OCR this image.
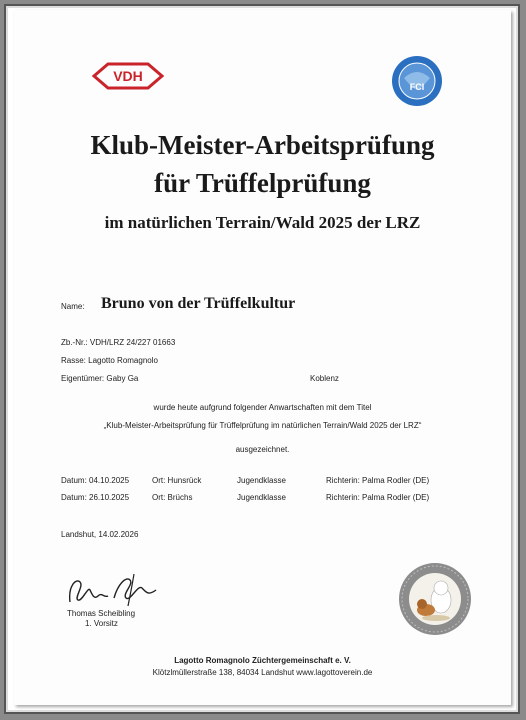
VDH
FCI
Klub-Meister-Arbeitsprüfung
für Trüffelprüfung
im natürlichen Terrain/Wald 2025 der LRZ
Name: Bruno von der Trüffelkultur
Zb.-Nr.: VDH/LRZ 24/227 01663
Rasse: Lagotto Romagnolo
Eigentümer: Gaby Ga	Koblenz
wurde heute aufgrund folgender Anwartschaften mit dem Titel
„Klub-Meister-Arbeitsprüfung für Trüffelprüfung im natürlichen Terrain/Wald 2025 der LRZ“
ausgezeichnet.
Datum: 04.10.2025	Ort: Hunsrück	Jugendklasse	Richterin: Palma Rodler (DE)
Datum: 26.10.2025	Ort: Brüchs	Jugendklasse	Richterin: Palma Rodler (DE)
Landshut, 14.02.2026
Thomas Scheibling
1. Vorsitz
Lagotto Romagnolo Züchtergemeinschaft e. V.
Klötzlmüllerstraße 138, 84034 Landshut www.lagottoverein.de
